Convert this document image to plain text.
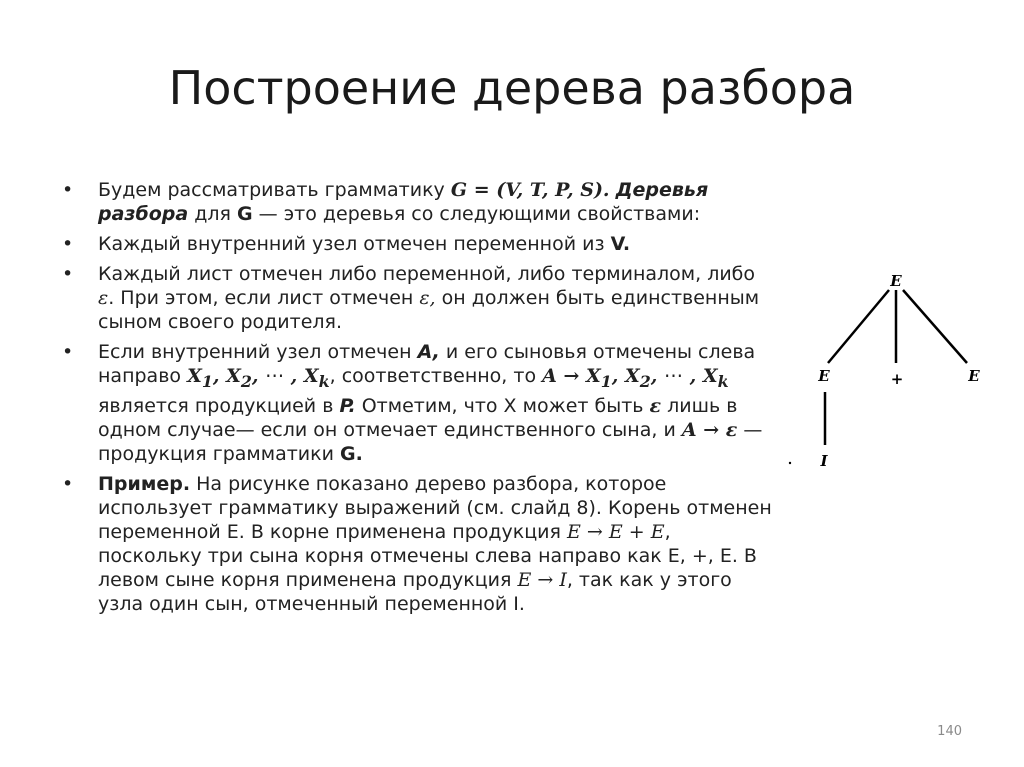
Построение дерева разбора
• Будем рассматривать грамматику G = (V, T, P, S). Деревья разбора для G — это деревья со следующими свойствами:
• Каждый внутренний узел отмечен переменной из V.
• Каждый лист отмечен либо переменной, либо терминалом, либо ε. При этом, если лист отмечен ε, он должен быть единственным сыном своего родителя.
• Если внутренний узел отмечен A, и его сыновья отмечены слева направо $X_1$, $X_2$, ⋯ , $X_k$, соответственно, то $A \to X_1$, $X_2$, ⋯ , $X_k$ является продукцией в P. Отметим, что X может быть ε лишь в одном случае— если он отмечает единственного сына, и A → ε — продукция грамматики G.
• Пример. На рисунке показано дерево разбора, которое использует грамматику выражений (см. слайд 8). Корень отменен переменной Е. В корне применена продукция E → E + E, поскольку три сына корня отмечены слева направо как Е, +, Е. В левом сыне корня применена продукция E → I, так как у этого узла один сын, отмеченный переменной I.
E
E	+	E
I
140
